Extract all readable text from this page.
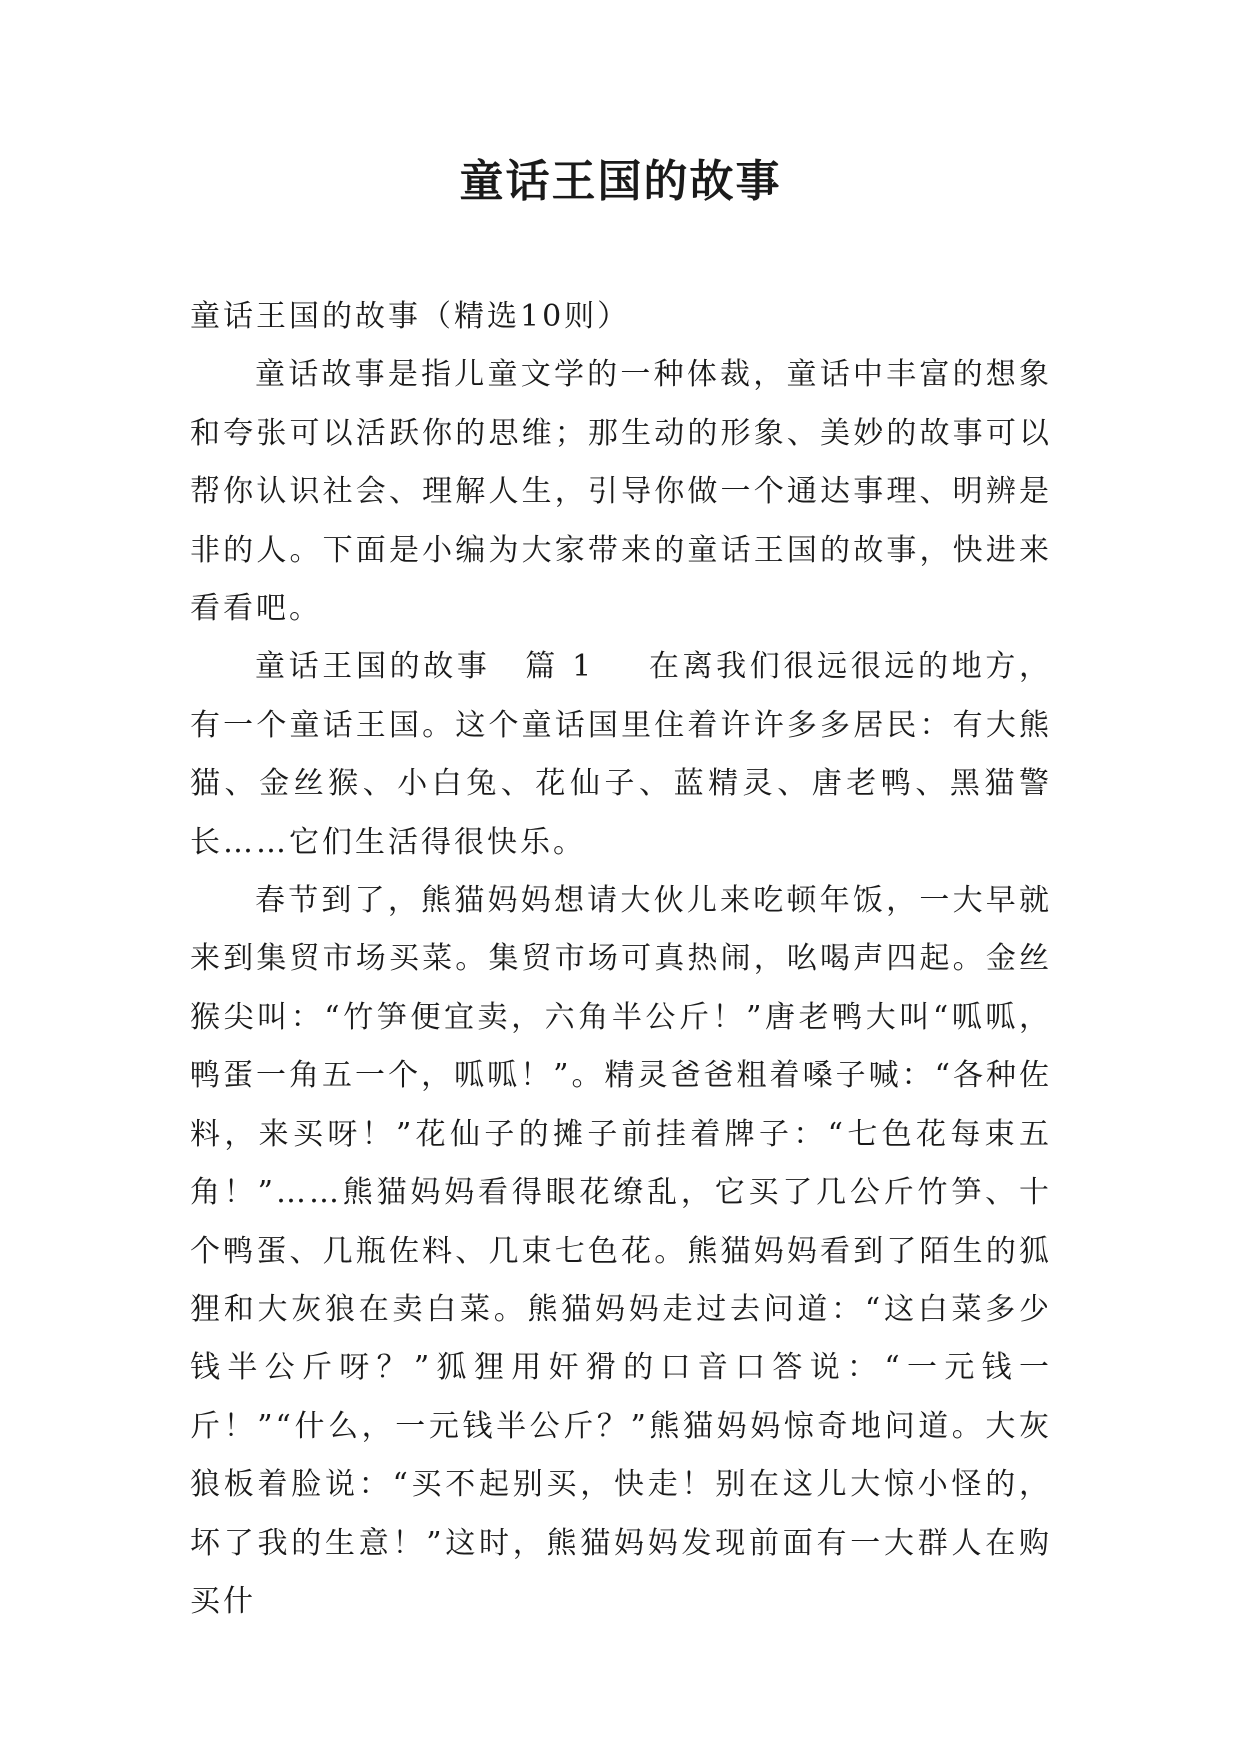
童话王国的故事

童话王国的故事（精选10则）

童话故事是指儿童文学的一种体裁，童话中丰富的想象和夸张可以活跃你的思维；那生动的形象、美妙的故事可以帮你认识社会、理解人生，引导你做一个通达事理、明辨是非的人。下面是小编为大家带来的童话王国的故事，快进来看看吧。

童话王国的故事 篇 1 在离我们很远很远的地方，有一个童话王国。这个童话国里住着许许多多居民：有大熊猫、金丝猴、小白兔、花仙子、蓝精灵、唐老鸭、黑猫警长……它们生活得很快乐。

春节到了，熊猫妈妈想请大伙儿来吃顿年饭，一大早就来到集贸市场买菜。集贸市场可真热闹，吆喝声四起。金丝猴尖叫：“竹笋便宜卖，六角半公斤！”唐老鸭大叫“呱呱，鸭蛋一角五一个，呱呱！”。精灵爸爸粗着嗓子喊：“各种佐料，来买呀！”花仙子的摊子前挂着牌子：“七色花每束五角！”……熊猫妈妈看得眼花缭乱，它买了几公斤竹笋、十个鸭蛋、几瓶佐料、几束七色花。熊猫妈妈看到了陌生的狐狸和大灰狼在卖白菜。熊猫妈妈走过去问道：“这白菜多少钱半公斤呀？”狐狸用奸猾的口音口答说：“一元钱一斤！”“什么，一元钱半公斤？”熊猫妈妈惊奇地问道。大灰狼板着脸说：“买不起别买，快走！别在这儿大惊小怪的，坏了我的生意！”这时，熊猫妈妈发现前面有一大群人在购买什
